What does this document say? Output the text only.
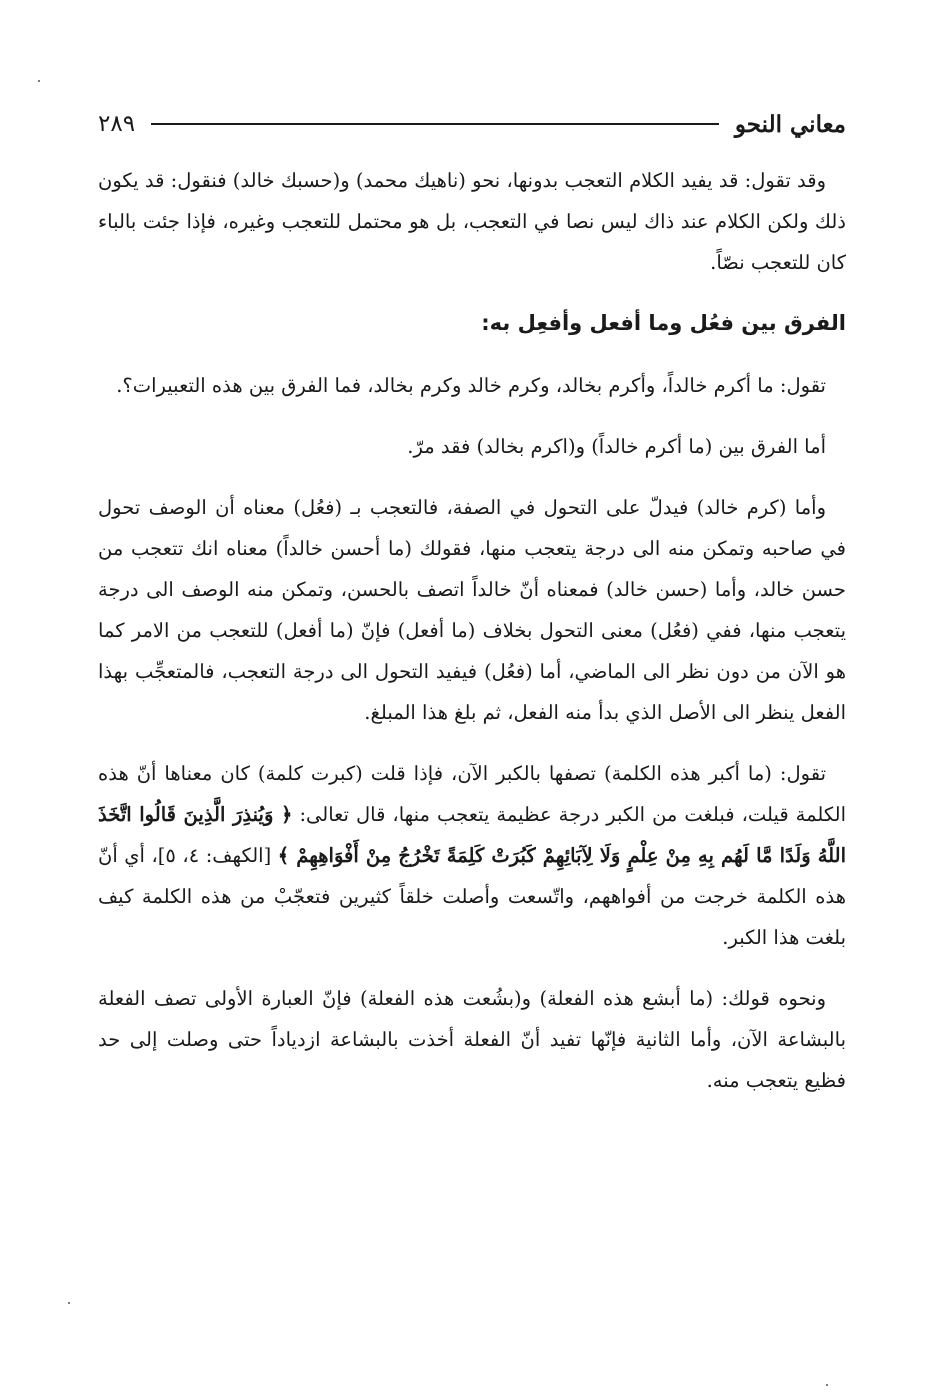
معاني النحو
٢٨٩

وقد تقول: قد يفيد الكلام التعجب بدونها، نحو (ناهيك محمد) و(حسبك خالد) فنقول: قد يكون ذلك ولكن الكلام عند ذاك ليس نصا في التعجب، بل هو محتمل للتعجب وغيره، فإذا جئت بالباء كان للتعجب نصّاً.

الفرق بين فعُل وما أفعل وأفعِل به:

تقول: ما أكرم خالداً، وأكرم بخالد، وكرم خالد وكرم بخالد، فما الفرق بين هذه التعبيرات؟.

أما الفرق بين (ما أكرم خالداً) و(اكرم بخالد) فقد مرّ.

وأما (كرم خالد) فيدلّ على التحول في الصفة، فالتعجب بـ (فعُل) معناه أن الوصف تحول في صاحبه وتمكن منه الى درجة يتعجب منها، فقولك (ما أحسن خالداً) معناه انك تتعجب من حسن خالد، وأما (حسن خالد) فمعناه أنّ خالداً اتصف بالحسن، وتمكن منه الوصف الى درجة يتعجب منها، ففي (فعُل) معنى التحول بخلاف (ما أفعل) فإنّ (ما أفعل) للتعجب من الامر كما هو الآن من دون نظر الى الماضي، أما (فعُل) فيفيد التحول الى درجة التعجب، فالمتعجِّب بهذا الفعل ينظر الى الأصل الذي بدأ منه الفعل، ثم بلغ هذا المبلغ.

تقول: (ما أكبر هذه الكلمة) تصفها بالكبر الآن، فإذا قلت (كبرت كلمة) كان معناها أنّ هذه الكلمة قيلت، فبلغت من الكبر درجة عظيمة يتعجب منها، قال تعالى: ﴿ وَيُنذِرَ الَّذِينَ قَالُوا اتَّخَذَ اللَّهُ وَلَدًا مَّا لَهُم بِهِ مِنْ عِلْمٍ وَلَا لِآبَائِهِمْ كَبُرَتْ كَلِمَةً تَخْرُجُ مِنْ أَفْوَاهِهِمْ ﴾ [الكهف: ٤، ٥]، أي أنّ هذه الكلمة خرجت من أفواههم، واتّسعت وأصلت خلقاً كثيرين فتعجّبْ من هذه الكلمة كيف بلغت هذا الكبر.

ونحوه قولك: (ما أبشع هذه الفعلة) و(بشُعت هذه الفعلة) فإنّ العبارة الأولى تصف الفعلة بالبشاعة الآن، وأما الثانية فإنّها تفيد أنّ الفعلة أخذت بالبشاعة ازدياداً حتى وصلت إلى حد فظيع يتعجب منه.
